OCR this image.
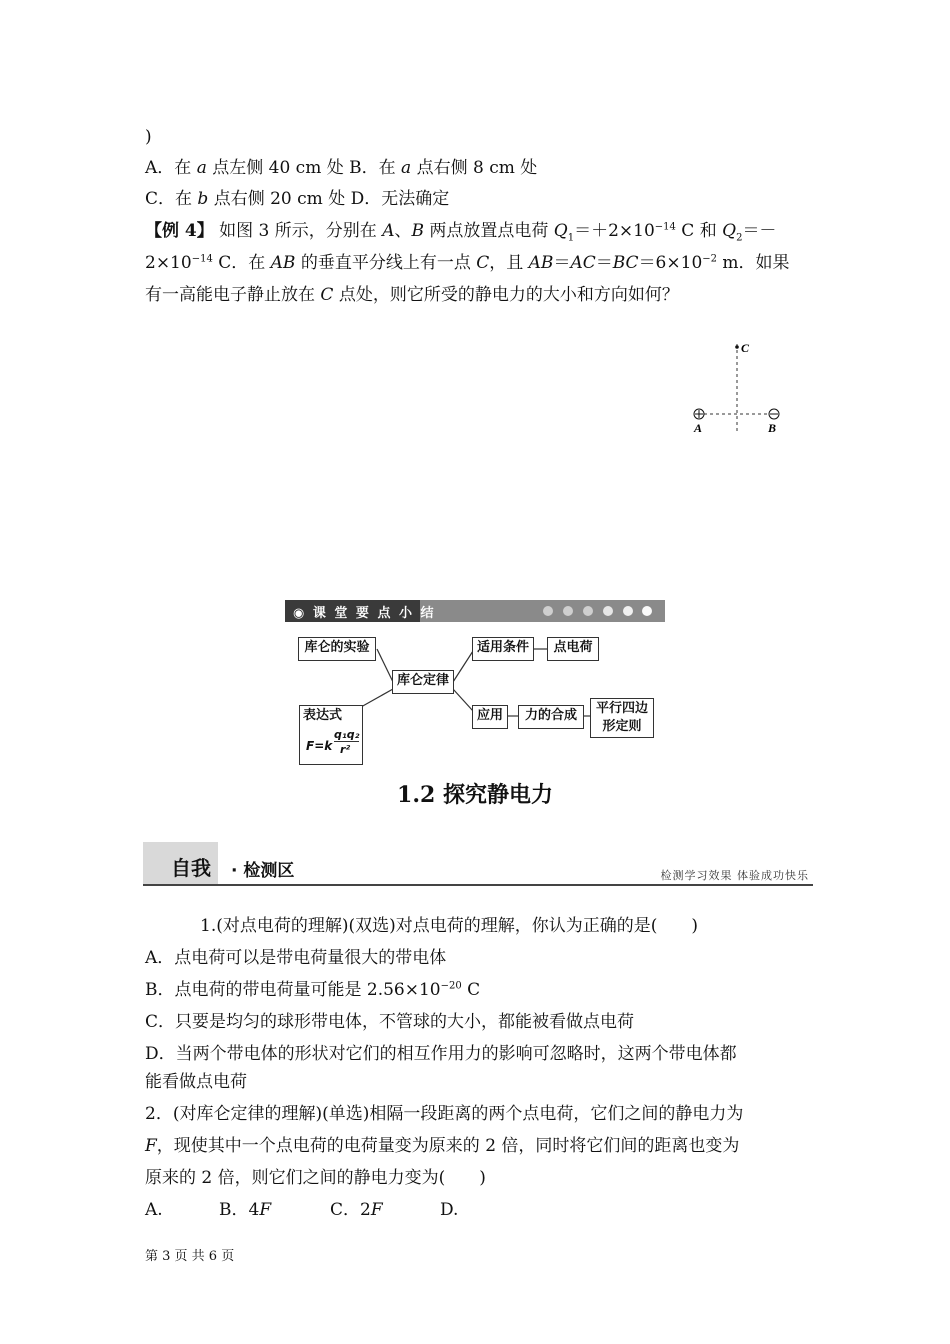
)
A．在 a 点左侧 40 cm 处 B．在 a 点右侧 8 cm 处
C．在 b 点右侧 20 cm 处 D．无法确定
【例 4】 如图 3 所示，分别在 A、B 两点放置点电荷 $Q_1=+2\times 10^{-14}$ C 和 $Q_2=-$
$2\times 10^{-14}$ C．在 AB 的垂直平分线上有一点 C，且 $AB=AC=BC=6\times 10^{-2}$ m．如果
有一高能电子静止放在 C 点处，则它所受的静电力的大小和方向如何？
C
A	B
◉ 课 堂 要 点 小 结
库仑的实验
库仑定律
适用条件	点电荷
表达式
F=k
q₁q₂
r²
应用	力的合成	平行四边
形定则
1.2 探究静电力
自我 · 检测区	检测学习效果 体验成功快乐
1.(对点电荷的理解)(双选)对点电荷的理解，你认为正确的是(　　)
A．点电荷可以是带电荷量很大的带电体
B．点电荷的带电荷量可能是 $2.56\times 10^{-20}$ C
C．只要是均匀的球形带电体，不管球的大小，都能被看做点电荷
D．当两个带电体的形状对它们的相互作用力的影响可忽略时，这两个带电体都
能看做点电荷
2．(对库仑定律的理解)(单选)相隔一段距离的两个点电荷，它们之间的静电力为
F，现使其中一个点电荷的电荷量变为原来的 2 倍，同时将它们间的距离也变为
原来的 2 倍，则它们之间的静电力变为(　　)
A.	B．4F	C．2F	D.
第 3 页 共 6 页
